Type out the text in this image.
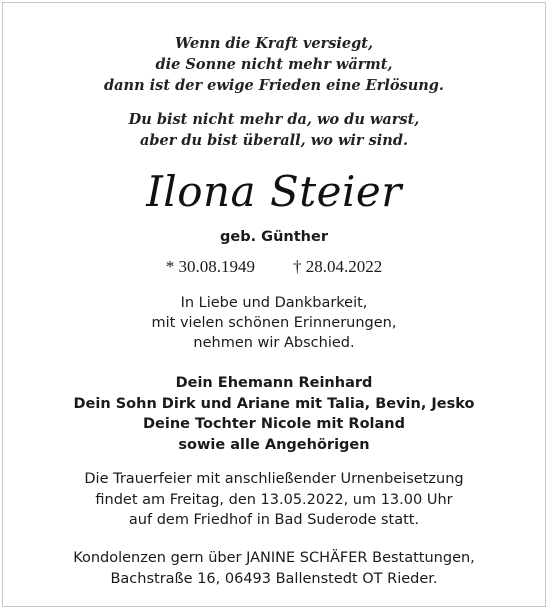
Wenn die Kraft versiegt,
die Sonne nicht mehr wärmt,
dann ist der ewige Frieden eine Erlösung.
Du bist nicht mehr da, wo du warst,
aber du bist überall, wo wir sind.
Ilona Steier
geb. Günther
* 30.08.1949 † 28.04.2022
In Liebe und Dankbarkeit,
mit vielen schönen Erinnerungen,
nehmen wir Abschied.
Dein Ehemann Reinhard
Dein Sohn Dirk und Ariane mit Talia, Bevin, Jesko
Deine Tochter Nicole mit Roland
sowie alle Angehörigen
Die Trauerfeier mit anschließender Urnenbeisetzung
findet am Freitag, den 13.05.2022, um 13.00 Uhr
auf dem Friedhof in Bad Suderode statt.
Kondolenzen gern über JANINE SCHÄFER Bestattungen,
Bachstraße 16, 06493 Ballenstedt OT Rieder.
